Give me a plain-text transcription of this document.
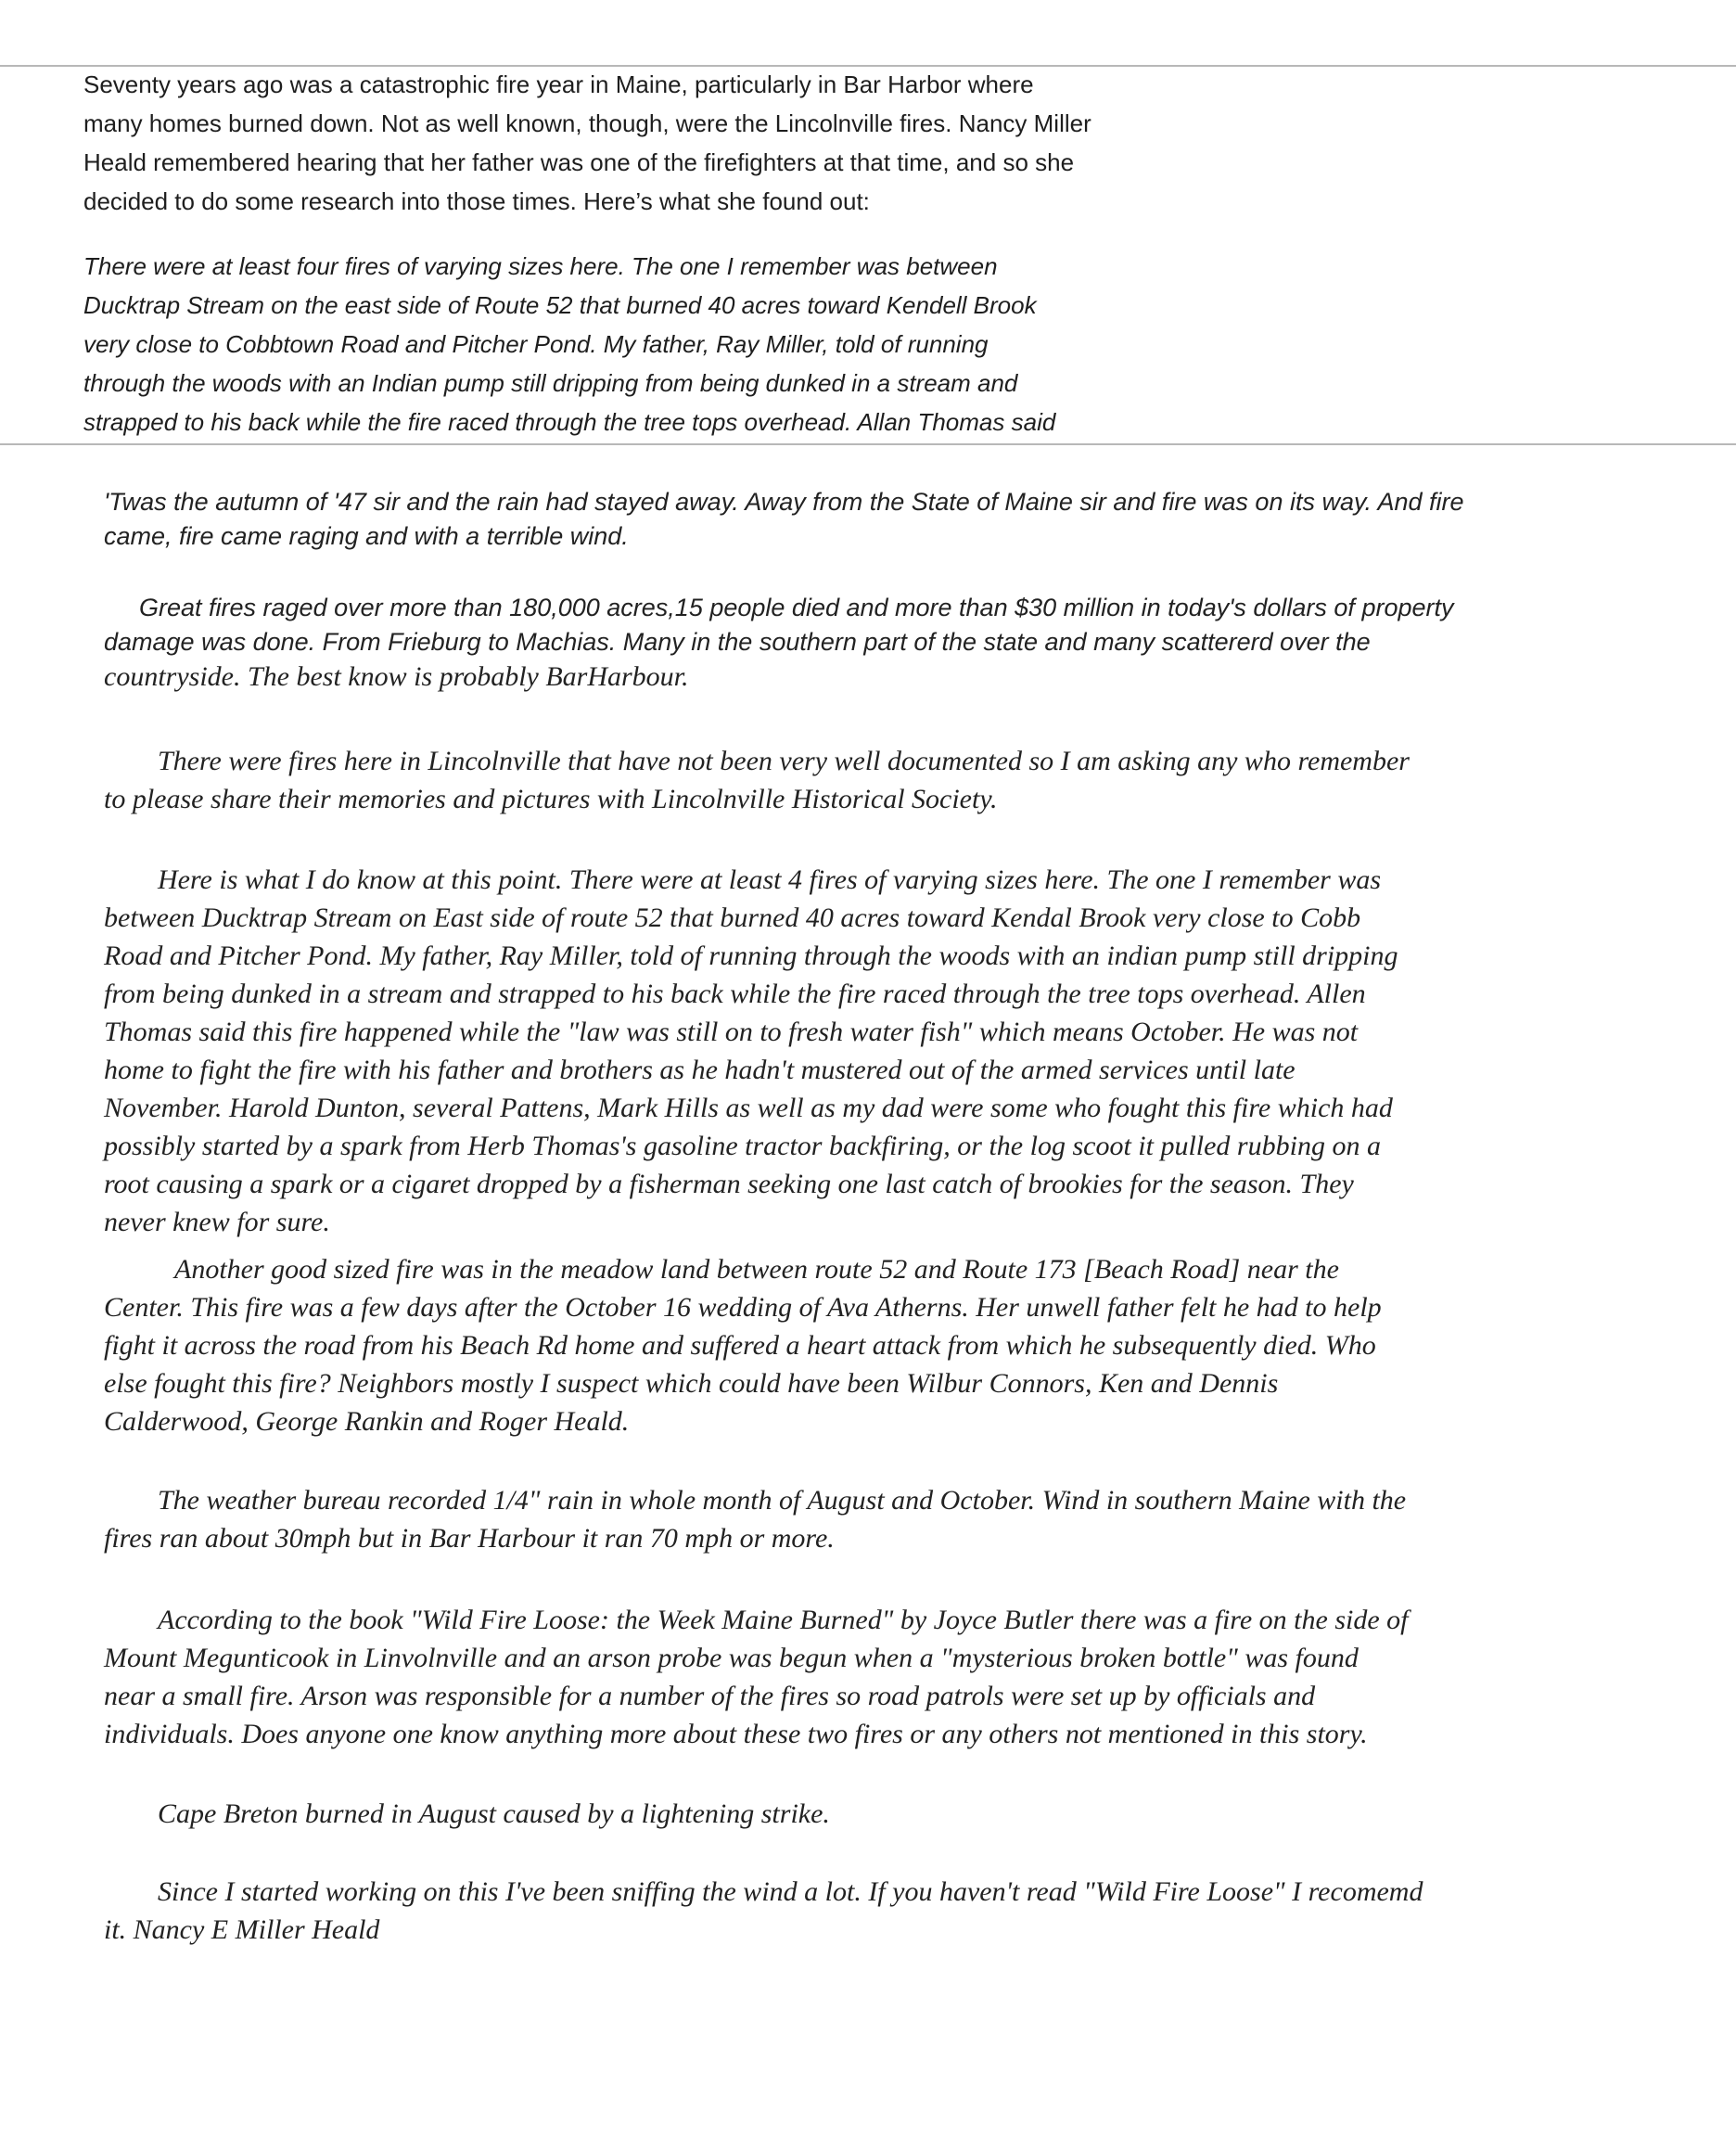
Seventy years ago was a catastrophic fire year in Maine, particularly in Bar Harbor where
many homes burned down. Not as well known, though, were the Lincolnville fires. Nancy Miller
Heald remembered hearing that her father was one of the firefighters at that time, and so she
decided to do some research into those times. Here’s what she found out:

There were at least four fires of varying sizes here. The one I remember was between
Ducktrap Stream on the east side of Route 52 that burned 40 acres toward Kendell Brook
very close to Cobbtown Road and Pitcher Pond. My father, Ray Miller, told of running
through the woods with an Indian pump still dripping from being dunked in a stream and
strapped to his back while the fire raced through the tree tops overhead. Allan Thomas said

'Twas the autumn of '47 sir and the rain had stayed away. Away from the State of Maine sir and fire was on its way. And fire
came, fire came raging and with a terrible wind.

Great fires raged over more than 180,000 acres,15 people died and more than $30 million in today's dollars of property
damage was done. From Frieburg to Machias. Many in the southern part of the state and many scattererd over the
countryside. The best know is probably BarHarbour.

There were fires here in Lincolnville that have not been very well documented so I am asking any who remember
to please share their memories and pictures with Lincolnville Historical Society.

Here is what I do know at this point. There were at least 4 fires of varying sizes here. The one I remember was
between Ducktrap Stream on East side of route 52 that burned 40 acres toward Kendal Brook very close to Cobb
Road and Pitcher Pond. My father, Ray Miller, told of running through the woods with an indian pump still dripping
from being dunked in a stream and strapped to his back while the fire raced through the tree tops overhead. Allen
Thomas said this fire happened while the "law was still on to fresh water fish" which means October. He was not
home to fight the fire with his father and brothers as he hadn't mustered out of the armed services until late
November. Harold Dunton, several Pattens, Mark Hills as well as my dad were some who fought this fire which had
possibly started by a spark from Herb Thomas's gasoline tractor backfiring, or the log scoot it pulled rubbing on a
root causing a spark or a cigaret dropped by a fisherman seeking one last catch of brookies for the season. They
never knew for sure.

Another good sized fire was in the meadow land between route 52 and Route 173 [Beach Road] near the
Center. This fire was a few days after the October 16 wedding of Ava Atherns. Her unwell father felt he had to help
fight it across the road from his Beach Rd home and suffered a heart attack from which he subsequently died. Who
else fought this fire? Neighbors mostly I suspect which could have been Wilbur Connors, Ken and Dennis
Calderwood, George Rankin and Roger Heald.

The weather bureau recorded 1/4" rain in whole month of August and October. Wind in southern Maine with the
fires ran about 30mph but in Bar Harbour it ran 70 mph or more.

According to the book "Wild Fire Loose: the Week Maine Burned" by Joyce Butler there was a fire on the side of
Mount Megunticook in Linvolnville and an arson probe was begun when a "mysterious broken bottle" was found
near a small fire. Arson was responsible for a number of the fires so road patrols were set up by officials and
individuals. Does anyone one know anything more about these two fires or any others not mentioned in this story.

Cape Breton burned in August caused by a lightening strike.

Since I started working on this I've been sniffing the wind a lot. If you haven't read "Wild Fire Loose" I recomemd
it. Nancy E Miller Heald
